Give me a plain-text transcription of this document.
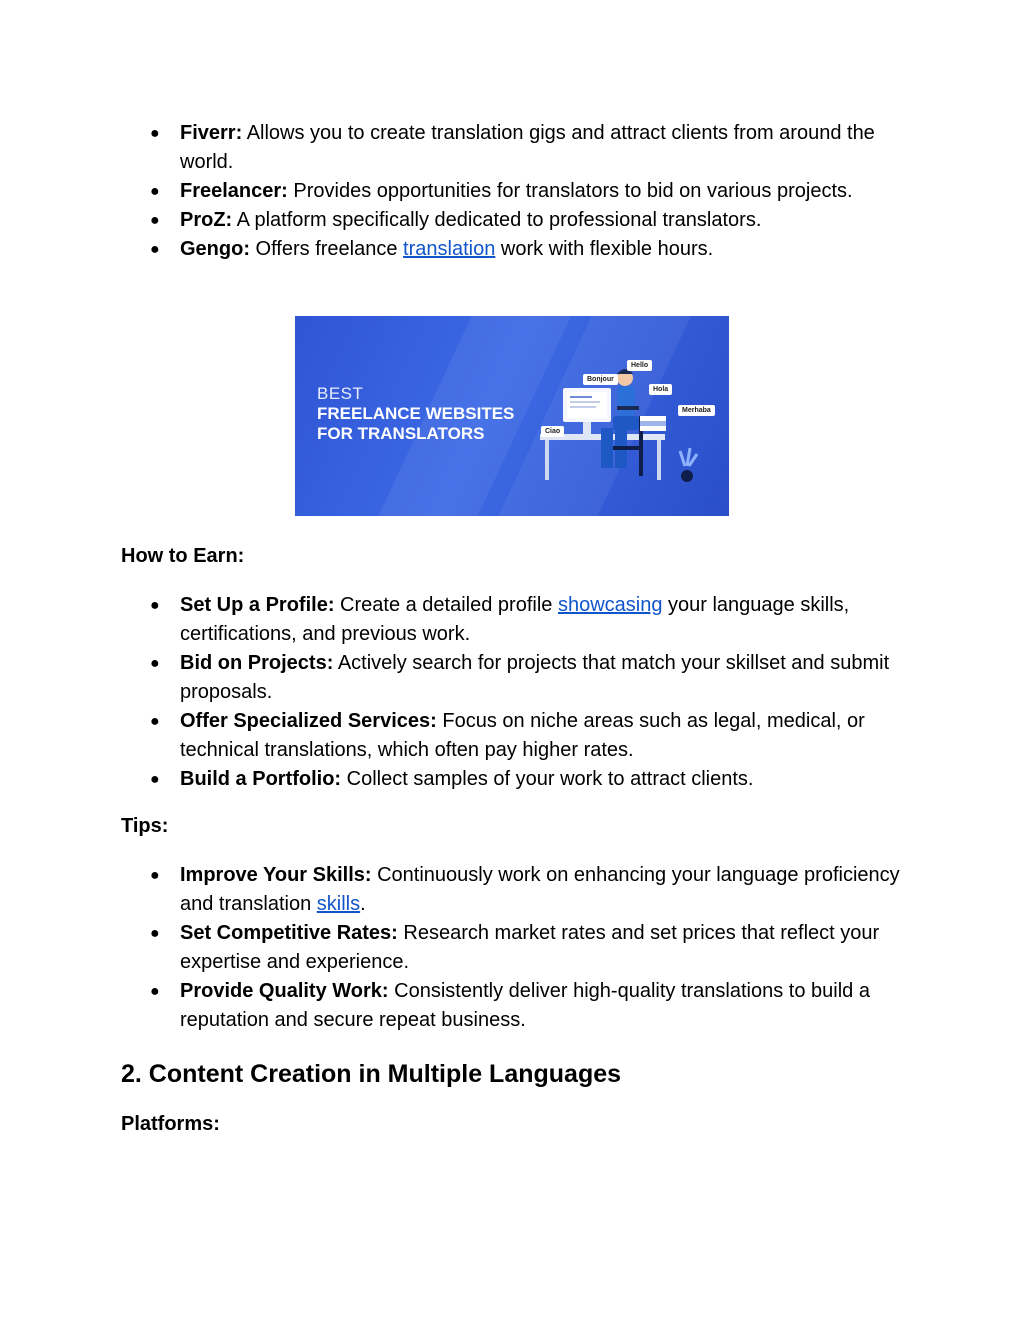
● Fiverr: Allows you to create translation gigs and attract clients from around the world.
● Freelancer: Provides opportunities for translators to bid on various projects.
● ProZ: A platform specifically dedicated to professional translators.
● Gengo: Offers freelance translation work with flexible hours.
BEST
FREELANCE WEBSITES
FOR TRANSLATORS
Hello
Bonjour
Hola
Merhaba
Ciao
How to Earn:
● Set Up a Profile: Create a detailed profile showcasing your language skills, certifications, and previous work.
● Bid on Projects: Actively search for projects that match your skillset and submit proposals.
● Offer Specialized Services: Focus on niche areas such as legal, medical, or technical translations, which often pay higher rates.
● Build a Portfolio: Collect samples of your work to attract clients.
Tips:
● Improve Your Skills: Continuously work on enhancing your language proficiency and translation skills.
● Set Competitive Rates: Research market rates and set prices that reflect your expertise and experience.
● Provide Quality Work: Consistently deliver high-quality translations to build a reputation and secure repeat business.
2. Content Creation in Multiple Languages
Platforms:
